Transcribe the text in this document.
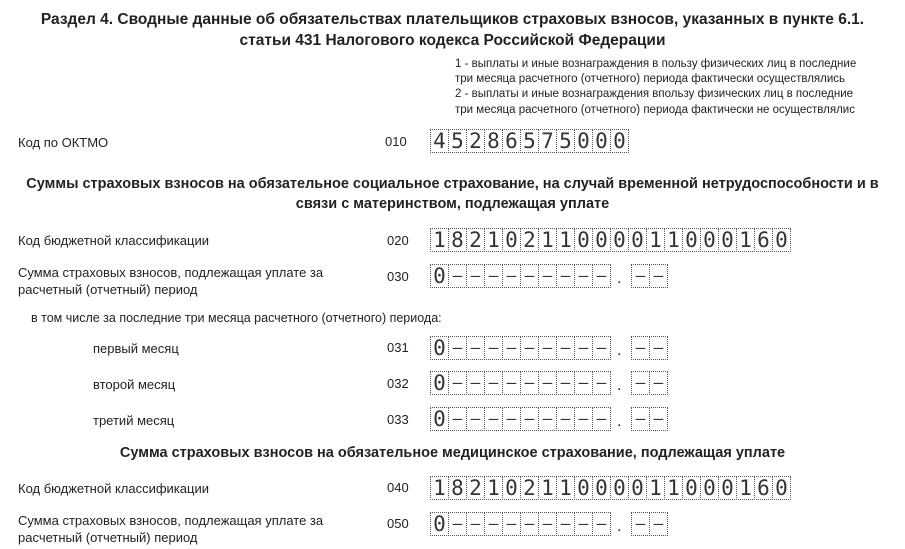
Раздел 4. Сводные данные об обязательствах плательщиков страховых взносов, указанных в пункте 6.1. статьи 431 Налогового кодекса Российской Федерации
1 - выплаты и иные вознаграждения в пользу физических лиц в последние
три месяца расчетного (отчетного) периода фактически осуществлялись
2 - выплаты и иные вознаграждения впользу физических лиц в последние
три месяца расчетного (отчетного) периода фактически не осуществлялис
Код по ОКТМО	010 4 5 2 8 6 5 7 5 0 0 0
Суммы страховых взносов на обязательное социальное страхование, на случай временной нетрудоспособности и в связи с материнством, подлежащая уплате
Код бюджетной классификации	020 1 8 2 1 0 2 1 1 0 0 0 0 1 1 0 0 0 1 6 0
Сумма страховых взносов, подлежащая уплате за
расчетный (отчетный) период
030 0 – – – – – – – – – . – –
в том числе за последние три месяца расчетного (отчетного) периода:
первый месяц	031 0 – – – – – – – – – . – –
второй месяц	032 0 – – – – – – – – – . – –
третий месяц	033 0 – – – – – – – – – . – –
Сумма страховых взносов на обязательное медицинское страхование, подлежащая уплате
Код бюджетной классификации	040 1 8 2 1 0 2 1 1 0 0 0 0 1 1 0 0 0 1 6 0
Сумма страховых взносов, подлежащая уплате за
расчетный (отчетный) период
050 0 – – – – – – – – – . – –
